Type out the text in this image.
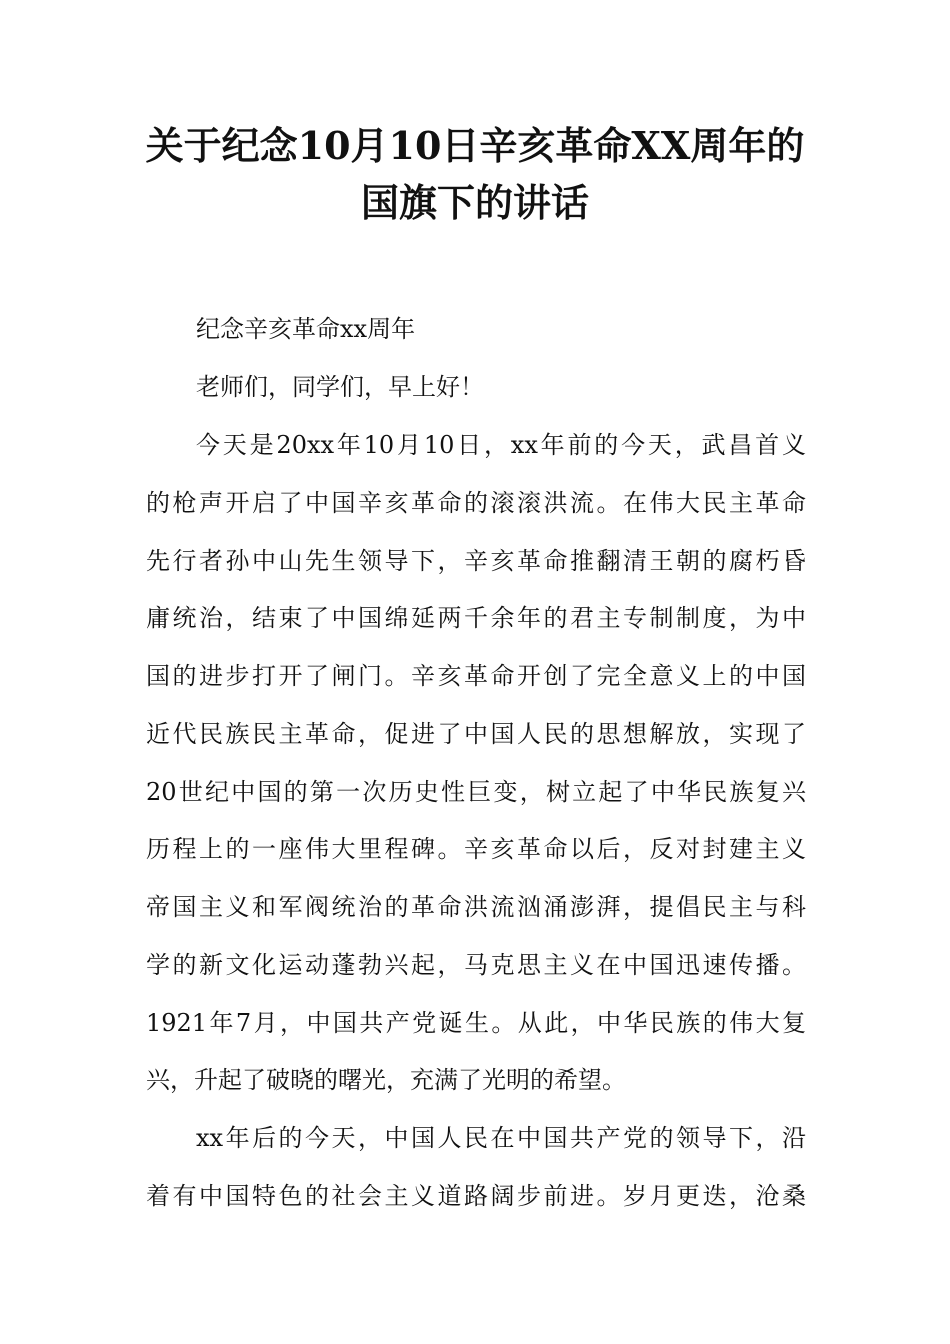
关于纪念10月10日辛亥革命XX周年的
国旗下的讲话
纪念辛亥革命xx周年
老师们，同学们，早上好！
今天是20xx年10月10日，xx年前的今天，武昌首义
的枪声开启了中国辛亥革命的滚滚洪流。在伟大民主革命
先行者孙中山先生领导下，辛亥革命推翻清王朝的腐朽昏
庸统治，结束了中国绵延两千余年的君主专制制度，为中
国的进步打开了闸门。辛亥革命开创了完全意义上的中国
近代民族民主革命，促进了中国人民的思想解放，实现了
20世纪中国的第一次历史性巨变，树立起了中华民族复兴
历程上的一座伟大里程碑。辛亥革命以后，反对封建主义
帝国主义和军阀统治的革命洪流汹涌澎湃，提倡民主与科
学的新文化运动蓬勃兴起，马克思主义在中国迅速传播。
1921年7月，中国共产党诞生。从此，中华民族的伟大复
兴，升起了破晓的曙光，充满了光明的希望。
xx年后的今天，中国人民在中国共产党的领导下，沿
着有中国特色的社会主义道路阔步前进。岁月更迭，沧桑
